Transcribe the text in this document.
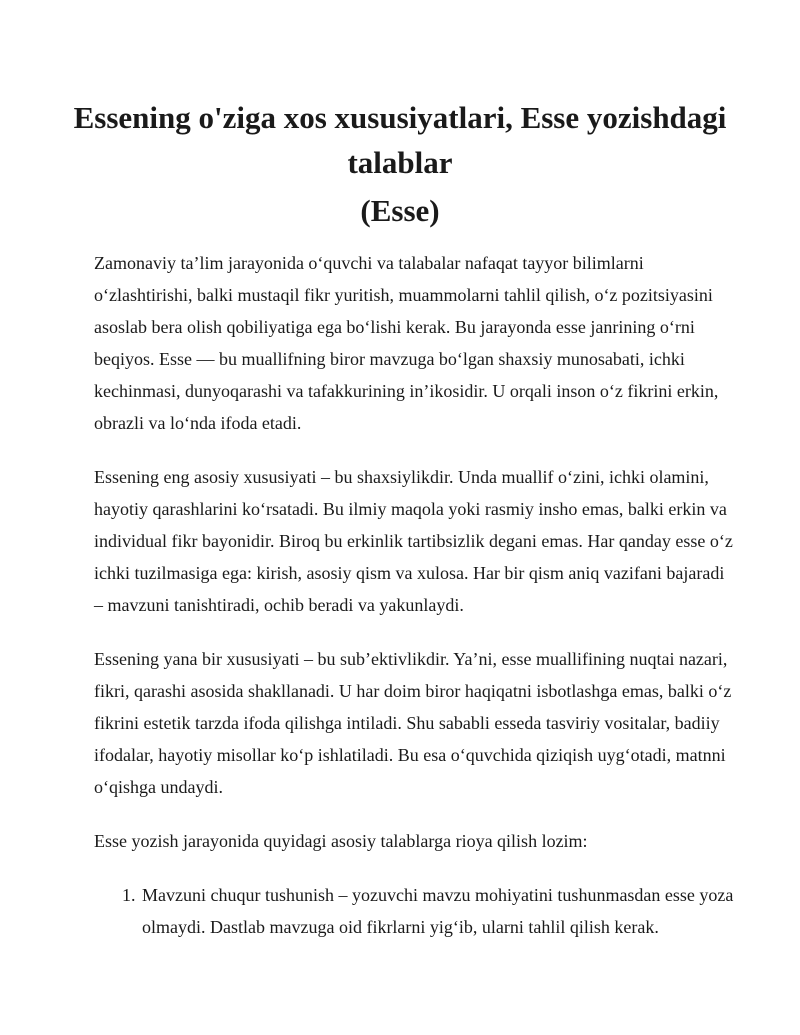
Essening o'ziga xos xususiyatlari, Esse yozishdagi talablar
(Esse)

Zamonaviy ta’lim jarayonida o‘quvchi va talabalar nafaqat tayyor bilimlarni o‘zlashtirishi, balki mustaqil fikr yuritish, muammolarni tahlil qilish, o‘z pozitsiyasini asoslab bera olish qobiliyatiga ega bo‘lishi kerak. Bu jarayonda esse janrining o‘rni beqiyos. Esse — bu muallifning biror mavzuga bo‘lgan shaxsiy munosabati, ichki kechinmasi, dunyoqarashi va tafakkurining in’ikosidir. U orqali inson o‘z fikrini erkin, obrazli va lo‘nda ifoda etadi.

Essening eng asosiy xususiyati – bu shaxsiylikdir. Unda muallif o‘zini, ichki olamini, hayotiy qarashlarini ko‘rsatadi. Bu ilmiy maqola yoki rasmiy insho emas, balki erkin va individual fikr bayonidir. Biroq bu erkinlik tartibsizlik degani emas. Har qanday esse o‘z ichki tuzilmasiga ega: kirish, asosiy qism va xulosa. Har bir qism aniq vazifani bajaradi – mavzuni tanishtiradi, ochib beradi va yakunlaydi.

Essening yana bir xususiyati – bu sub’ektivlikdir. Ya’ni, esse muallifining nuqtai nazari, fikri, qarashi asosida shakllanadi. U har doim biror haqiqatni isbotlashga emas, balki o‘z fikrini estetik tarzda ifoda qilishga intiladi. Shu sababli esseda tasviriy vositalar, badiiy ifodalar, hayotiy misollar ko‘p ishlatiladi. Bu esa o‘quvchida qiziqish uyg‘otadi, matnni o‘qishga undaydi.

Esse yozish jarayonida quyidagi asosiy talablarga rioya qilish lozim:

1. Mavzuni chuqur tushunish – yozuvchi mavzu mohiyatini tushunmasdan esse yoza olmaydi. Dastlab mavzuga oid fikrlarni yig‘ib, ularni tahlil qilish kerak.
